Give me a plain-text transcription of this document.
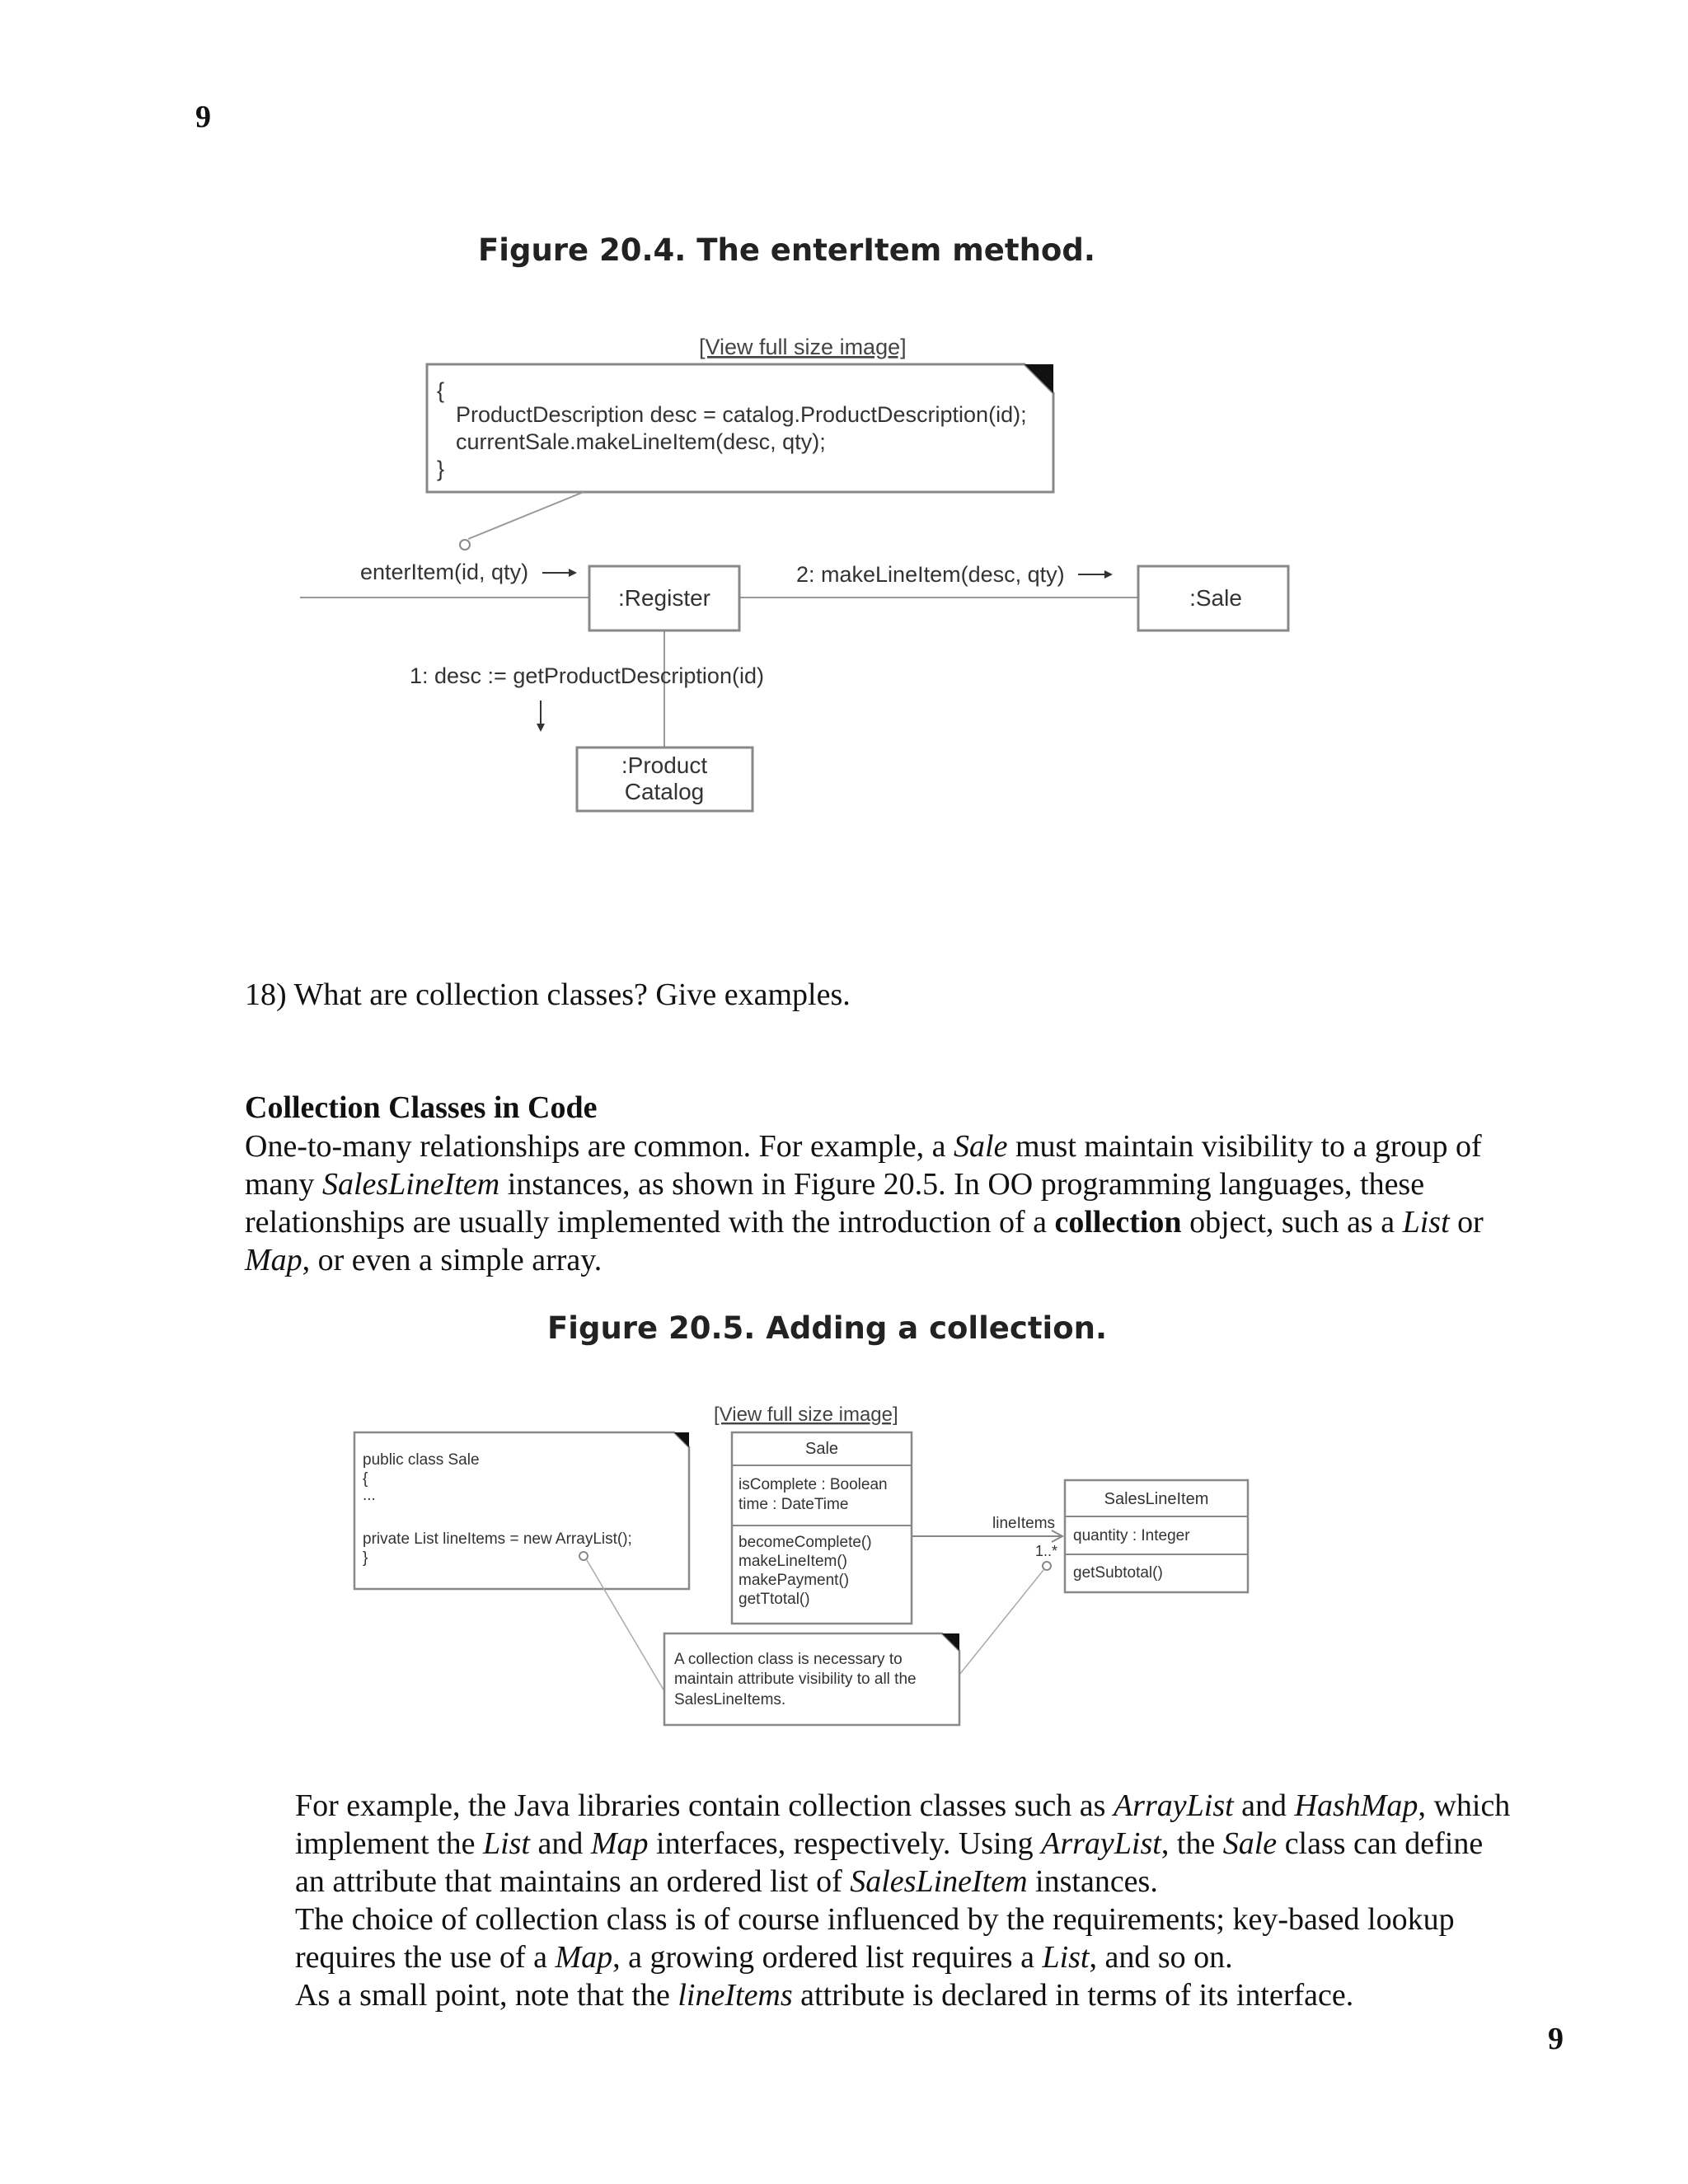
9
Figure 20.4. The enterItem method.
[View full size image]
{
ProductDescription desc = catalog.ProductDescription(id);
currentSale.makeLineItem(desc, qty);
}
enterItem(id, qty)	2: makeLineItem(desc, qty)
1: desc := getProductDescription(id)
:Register	:Sale
:Product
Catalog
18) What are collection classes? Give examples.
Collection Classes in Code
One-to-many relationships are common. For example, a Sale must maintain visibility to a group of
many SalesLineItem instances, as shown in Figure 20.5. In OO programming languages, these
relationships are usually implemented with the introduction of a collection object, such as a List or
Map, or even a simple array.
Figure 20.5. Adding a collection.
[View full size image]
public class Sale
{
...
private List lineItems = new ArrayList();
}
Sale
isComplete : Boolean
time : DateTime
becomeComplete()
makeLineItem()
makePayment()
getTtotal()
lineItems
1..*
SalesLineItem
quantity : Integer
getSubtotal()
A collection class is necessary to
maintain attribute visibility to all the
SalesLineItems.
For example, the Java libraries contain collection classes such as ArrayList and HashMap, which
implement the List and Map interfaces, respectively. Using ArrayList, the Sale class can define
an attribute that maintains an ordered list of SalesLineItem instances.
The choice of collection class is of course influenced by the requirements; key-based lookup
requires the use of a Map, a growing ordered list requires a List, and so on.
As a small point, note that the lineItems attribute is declared in terms of its interface.
9
